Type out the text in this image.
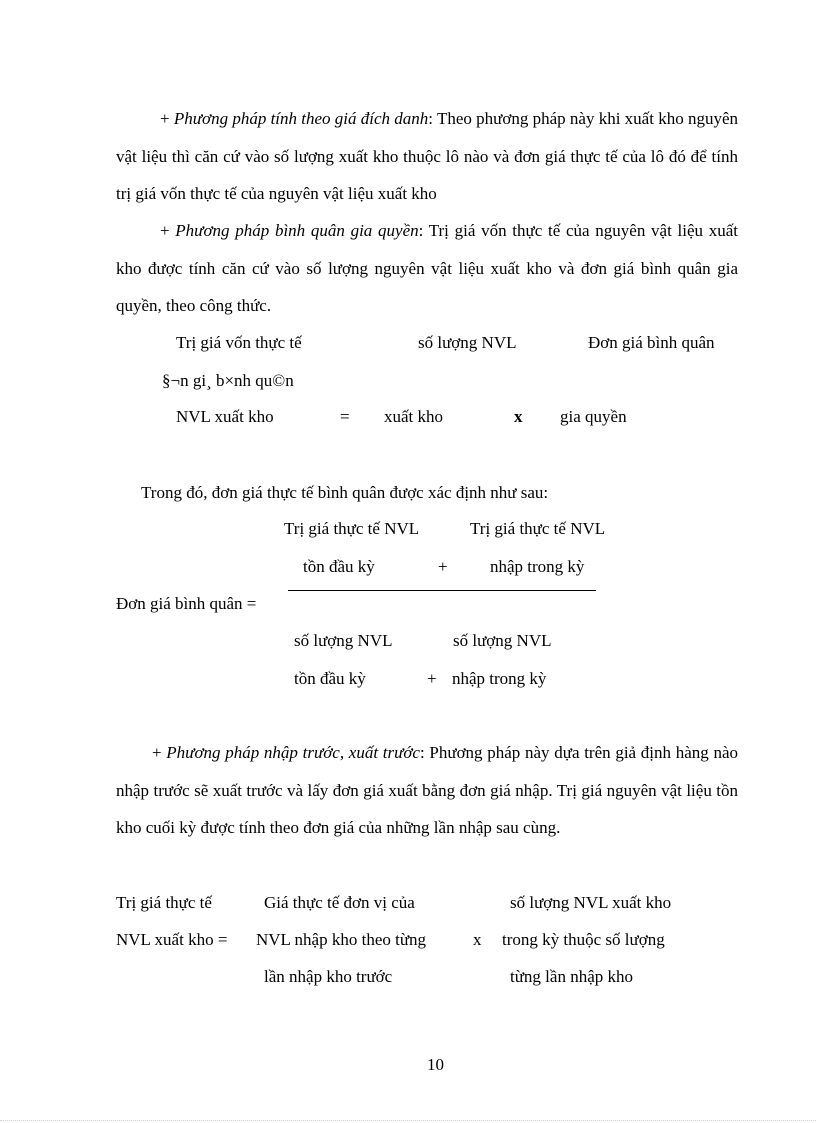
+ Phương pháp tính theo giá đích danh: Theo phương pháp này khi xuất kho nguyên vật liệu thì căn cứ vào số lượng xuất kho thuộc lô nào và đơn giá thực tế của lô đó để tính trị giá vốn thực tế của nguyên vật liệu xuất kho
+ Phương pháp bình quân gia quyền: Trị giá vốn thực tế của nguyên vật liệu xuất kho được tính căn cứ vào số lượng nguyên vật liệu xuất kho và đơn giá bình quân gia quyền, theo công thức.
Trị giá vốn thực tế	số lượng NVL	Đơn giá bình quân
§¬n gi¸ b×nh qu©n
NVL xuất kho	= xuất kho	x gia quyền
Trong đó, đơn giá thực tế bình quân được xác định như sau:
Trị giá thực tế NVL	Trị giá thực tế NVL
tồn đầu kỳ	+ nhập trong kỳ
Đơn giá bình quân =
số lượng NVL	số lượng NVL
tồn đầu kỳ	+ nhập trong kỳ
+ Phương pháp nhập trước, xuất trước: Phương pháp này dựa trên giả định hàng nào nhập trước sẽ xuất trước và lấy đơn giá xuất bằng đơn giá nhập. Trị giá nguyên vật liệu tồn kho cuối kỳ được tính theo đơn giá của những lần nhập sau cùng.
Trị giá thực tế	Giá thực tế đơn vị của	số lượng NVL xuất kho
NVL xuất kho = NVL nhập kho theo từng	x trong kỳ thuộc số lượng
lần nhập kho trước	từng lần nhập kho
10
